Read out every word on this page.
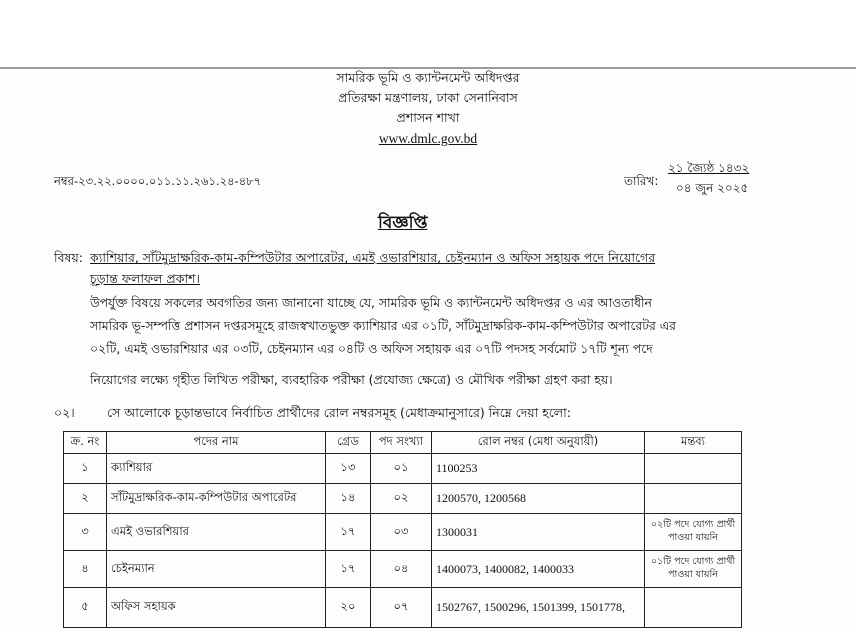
সামরিক ভূমি ও ক্যান্টনমেন্ট অধিদপ্তর
প্রতিরক্ষা মন্ত্রণালয়, ঢাকা সেনানিবাস
প্রশাসন শাখা
www.dmlc.gov.bd
নম্বর-২৩.২২.০০০০.০১১.১১.২৬১.২৪-৪৮৭	তারিখ:
২১ জ্যৈষ্ঠ ১৪৩২
০৪ জুন ২০২৫
বিজ্ঞপ্তি
বিষয়: ক্যাশিয়ার, সাঁটমুদ্রাক্ষরিক-কাম-কম্পিউটার অপারেটর, এমই ওভারশিয়ার, চেইনম্যান ও অফিস সহায়ক পদে নিয়োগের
চূড়ান্ত ফলাফল প্রকাশ।
উপর্যুক্ত বিষয়ে সকলের অবগতির জন্য জানানো যাচ্ছে যে, সামরিক ভূমি ও ক্যান্টনমেন্ট অধিদপ্তর ও এর আওতাধীন
সামরিক ভূ-সম্পত্তি প্রশাসন দপ্তরসমূহে রাজস্বখাতভুক্ত ক্যাশিয়ার এর ০১টি, সাঁটমুদ্রাক্ষরিক-কাম-কম্পিউটার অপারেটর এর
০২টি, এমই ওভারশিয়ার এর ০৩টি, চেইনম্যান এর ০৪টি ও অফিস সহায়ক এর ০৭টি পদসহ সর্বমোট ১৭টি শূন্য পদে
নিয়োগের লক্ষ্যে গৃহীত লিখিত পরীক্ষা, ব্যবহারিক পরীক্ষা (প্রযোজ্য ক্ষেত্রে) ও মৌখিক পরীক্ষা গ্রহণ করা হয়।
০২।	সে আলোকে চূড়ান্তভাবে নির্বাচিত প্রার্থীদের রোল নম্বরসমূহ (মেধাক্রমানুসারে) নিম্নে দেয়া হলো:
ক্র. নং	পদের নাম	গ্রেড	পদ সংখ্যা	রোল নম্বর (মেধা অনুযায়ী)	মন্তব্য
১	ক্যাশিয়ার	১৩	০১	1100253	

২	সাঁটমুদ্রাক্ষরিক-কাম-কম্পিউটার অপারেটর	১৪	০২	1200570, 1200568	

৩	এমই ওভারশিয়ার	১৭	০৩	1300031	০২টি পদে যোগ্য প্রার্থী
পাওয়া যায়নি

৪	চেইনম্যান	১৭	০৪	1400073, 1400082, 1400033	০১টি পদে যোগ্য প্রার্থী
পাওয়া যায়নি

৫	অফিস সহায়ক	২০	০৭	1502767, 1500296, 1501399, 1501778,	
